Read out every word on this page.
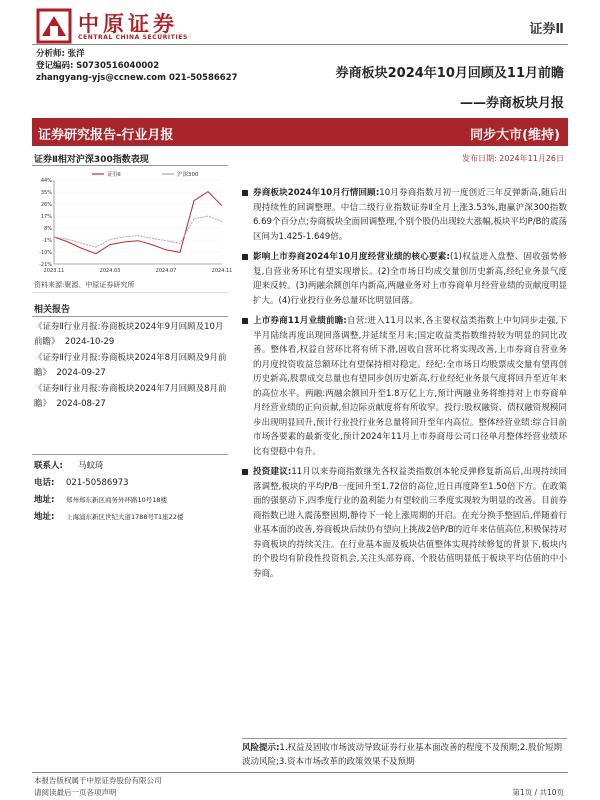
中原证券
CENTRAL CHINA SECURITIES
证券Ⅱ
分析师: 张洋
登记编码: S0730516040002
zhangyang-yjs@ccnew.com 021-50586627	券商板块2024年10月回顾及11月前瞻
——券商板块月报
证券研究报告-行业月报	同步大市(维持)
证券Ⅱ相对沪深300指数表现	发布日期: 2024年11月26日
44%
35%
26%
17%
8%
-1%
-10%
-21%
2023.11	2024.03	2024.07	2024.11
证券Ⅱ	沪深300
资料来源:聚源、中原证券研究所
相关报告
《证券Ⅱ行业月报:券商板块2024年9月回顾及10月前瞻》 2024-10-29
《证券Ⅱ行业月报:券商板块2024年8月回顾及9月前瞻》 2024-09-27
《证券Ⅱ行业月报:券商板块2024年7月回顾及8月前瞻》 2024-08-27
联系人:	马蚊琦
电话:	021-50586973
地址:	郑州郑东新区商务外环路10号18楼
地址:	上海浦东新区世纪大道1788号T1座22楼
券商板块2024年10月行情回顾:10月券商指数月初一度创近三年反弹新高,随后出现持续性的回调整理。中信二级行业指数证券Ⅱ全月上涨3.53%,跑赢沪深300指数6.69个百分点;券商板块全面回调整理,个别个股仍出现较大涨幅,板块平均P/B的震荡区间为1.425-1.649倍。
影响上市券商2024年10月度经营业绩的核心要素:(1)权益进入盘整、固收强势修复,自营业务环比有望实现增长。(2)全市场日均成交量创历史新高,经纪业务景气度迎来反转。(3)两融余额创年内新高,两融业务对上市券商单月经营业绩的贡献度明显扩大。(4)行业投行业务总量环比明显回落。
上市券商11月业绩前瞻:自营:进入11月以来,各主要权益类指数上中旬同步走强,下半月陆续再度出现回落调整,并延续至月末;国定收益类指数维持较为明显的同比改善。整体看,权益自营环比将有所下滑,固收自营环比将实现改善,上市券商自营业务的月度投资收益总额环比有望保持相对稳定。经纪:全市场日均股票成交量有望再创历史新高,股票成交总量也有望同步创历史新高,行业经纪业务景气度将回升至近年来的高位水平。两融:两融余额回升至1.8万亿上方,预计两融业务将维持对上市券商单月经营业绩的正向贡献,但边际贡献度将有所收窄。投行:股权融资、债权融资规模同步出现明显回升,预计行业投行业务总量将回升至年内高位。整体经营业绩:综合目前市场各要素的最新变化,预计2024年11月上市券商母公司口径单月整体经营业绩环比有望稳中有升。
投资建议:11月以来券商指数继先各权益类指数创本轮反弹修复新高后,出现持续回落调整,板块的平均P/B一度回升至1.72倍的高位,近日再度降至1.50倍下方。在政策面的强驱动下,四季度行业的盈利能力有望较前三季度实现较为明显的改善。目前券商指数已进入震荡整固期,静待下一轮上涨周期的开启。在充分换手整固后,伴随着行业基本面的改善,券商板块后续仍有望向上挑战2倍P/B的近年来估值高位,积极保持对券商板块的持续关注。在行业基本面及板块估值整体实现持续修复的背景下,板块内的个股均有阶段性投资机会,关注头部券商、个股估值明显低于板块平均估值的中小券商。
风险提示:1.权益及固收市场波动导致证券行业基本面改善的程度不及预期;2.股价短期波动风险;3.资本市场改革的政策效果不及预期
本报告版权属于中原证券股份有限公司
请阅读最后一页各项声明	第1页 / 共10页
